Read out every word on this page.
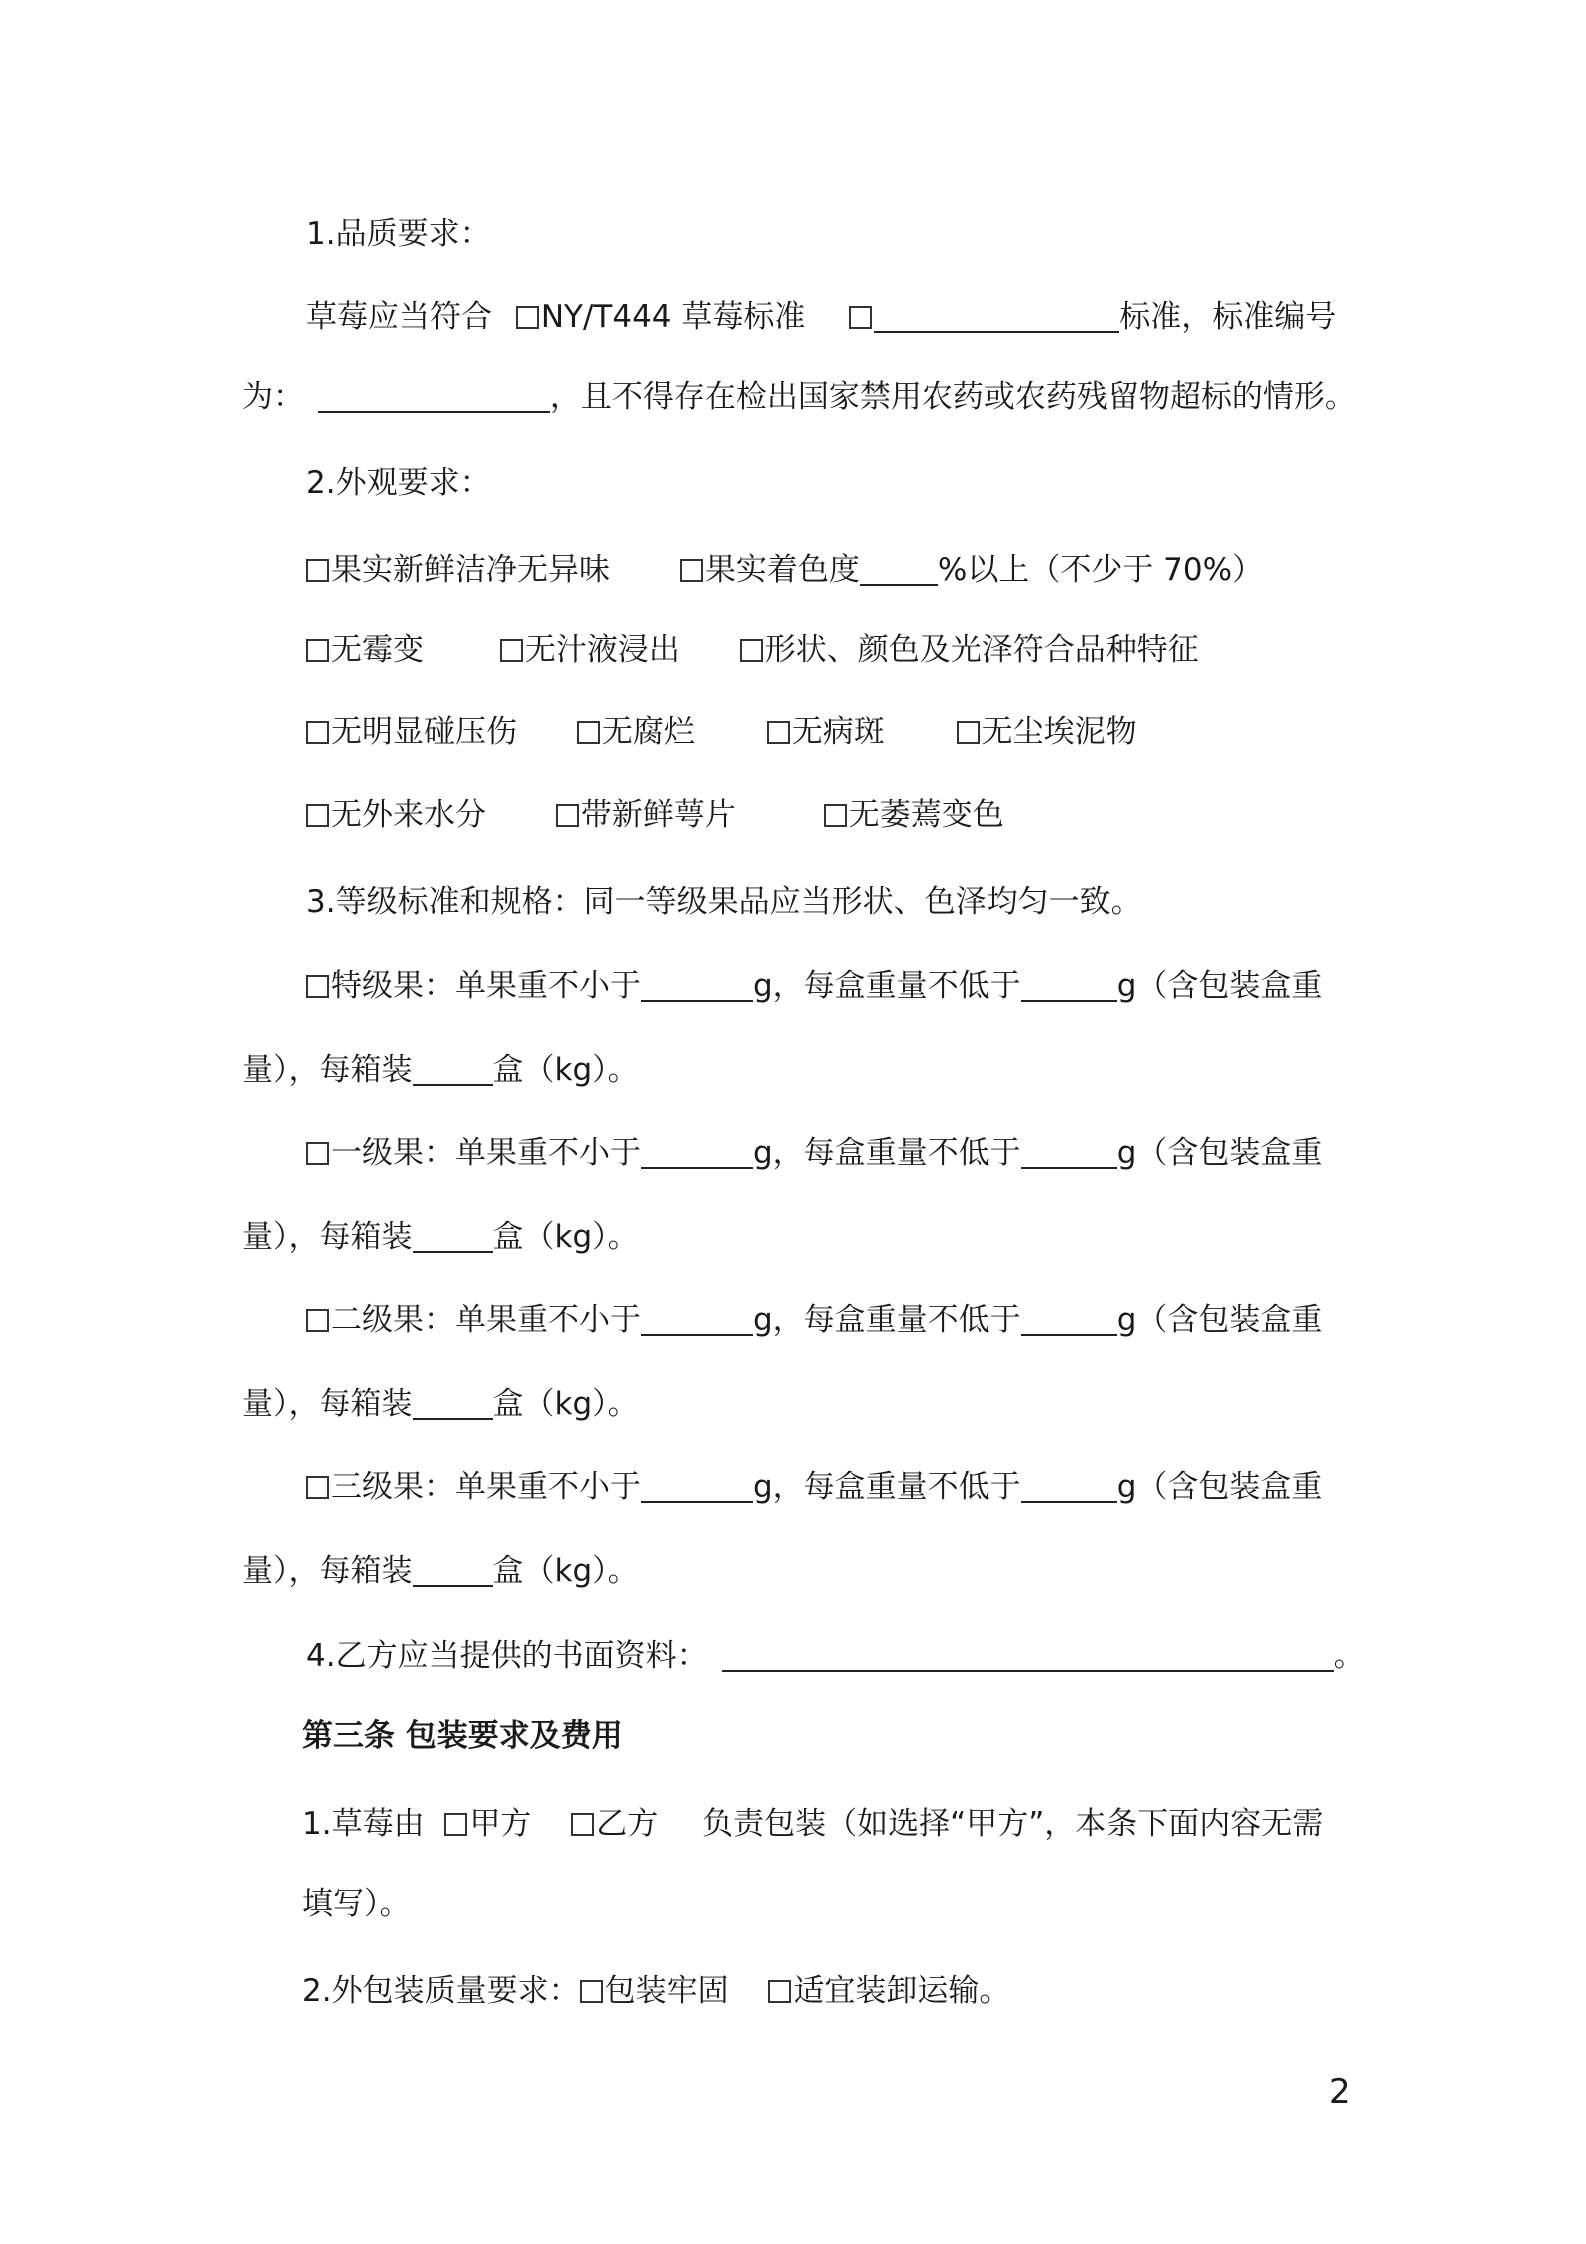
1.品质要求：
草莓应当符合 NY/T444 草莓标准	标准，标准编号
为：	，且不得存在检出国家禁用农药或农药残留物超标的情形。
2.外观要求：
果实新鲜洁净无异味	果实着色度	%以上（不少于 70%）
无霉变	无汁液浸出	形状、颜色及光泽符合品种特征
无明显碰压伤	无腐烂	无病斑	无尘埃泥物
无外来水分	带新鲜萼片	无萎蔫变色
3.等级标准和规格：同一等级果品应当形状、色泽均匀一致。
特级果：单果重不小于	g，每盒重量不低于	g（含包装盒重
量），每箱装	盒（kg）。
一级果：单果重不小于	g，每盒重量不低于	g（含包装盒重
量），每箱装	盒（kg）。
二级果：单果重不小于	g，每盒重量不低于	g（含包装盒重
量），每箱装	盒（kg）。
三级果：单果重不小于	g，每盒重量不低于	g（含包装盒重
量），每箱装	盒（kg）。
4.乙方应当提供的书面资料：	。
第三条 包装要求及费用
1.草莓由 甲方 乙方 负责包装（如选择“甲方”，本条下面内容无需
填写）。
2.外包装质量要求： 包装牢固 适宜装卸运输。
2
